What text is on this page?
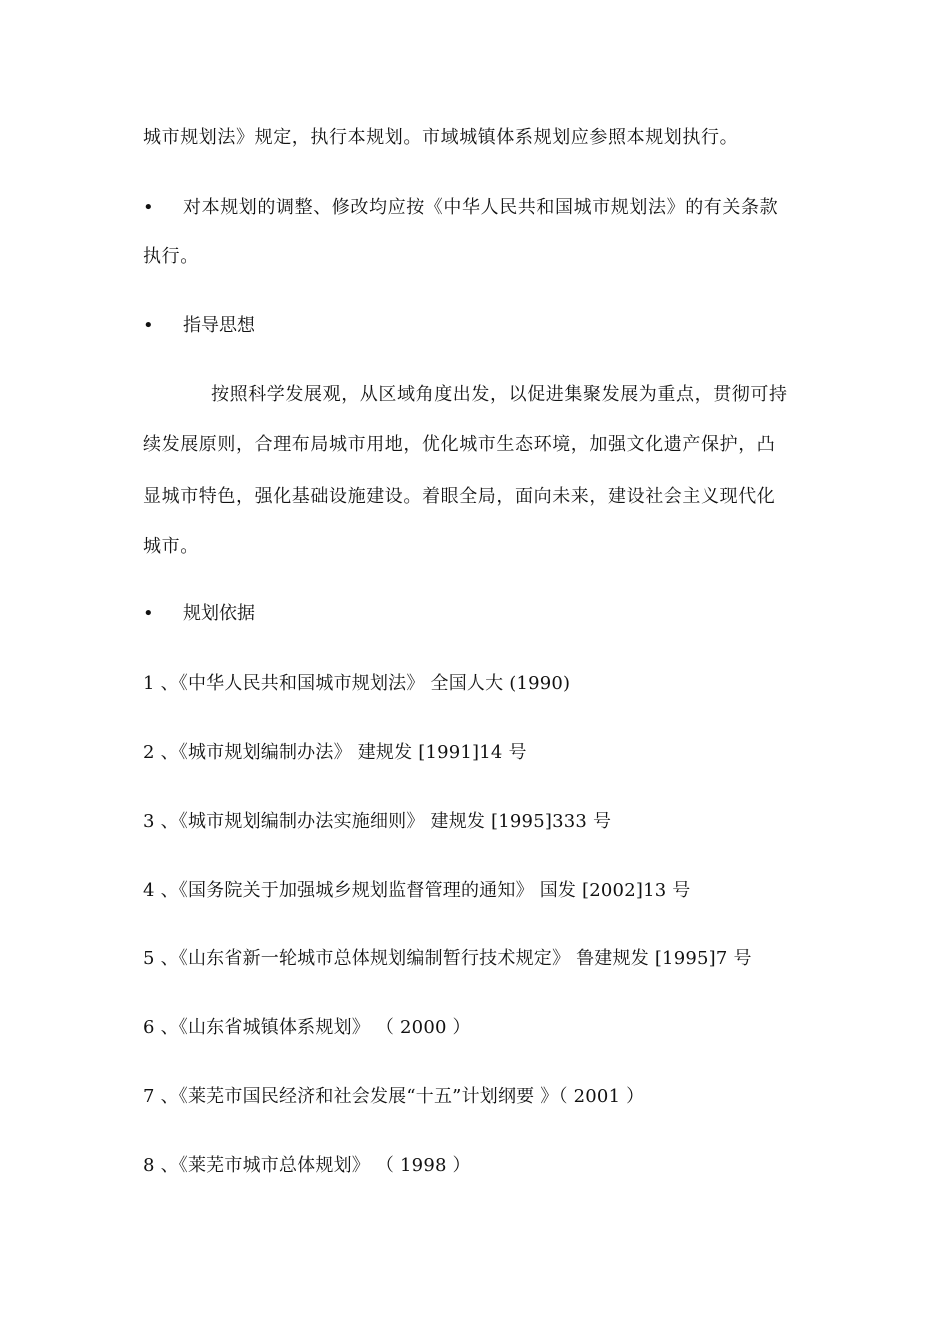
城市规划法》规定，执行本规划。市域城镇体系规划应参照本规划执行。
• 对本规划的调整、修改均应按《中华人民共和国城市规划法》的有关条款
执行。
• 指导思想
按照科学发展观，从区域角度出发，以促进集聚发展为重点，贯彻可持
续发展原则，合理布局城市用地，优化城市生态环境，加强文化遗产保护，凸
显城市特色，强化基础设施建设。着眼全局，面向未来，建设社会主义现代化
城市。
• 规划依据
1 、《中华人民共和国城市规划法》 全国人大 (1990)
2 、《城市规划编制办法》 建规发 [1991]14 号
3 、《城市规划编制办法实施细则》 建规发 [1995]333 号
4 、《国务院关于加强城乡规划监督管理的通知》 国发 [2002]13 号
5 、《山东省新一轮城市总体规划编制暂行技术规定》 鲁建规发 [1995]7 号
6 、《山东省城镇体系规划》 （ 2000 ）
7 、《莱芜市国民经济和社会发展“十五”计划纲要 》（ 2001 ）
8 、《莱芜市城市总体规划》 （ 1998 ）
